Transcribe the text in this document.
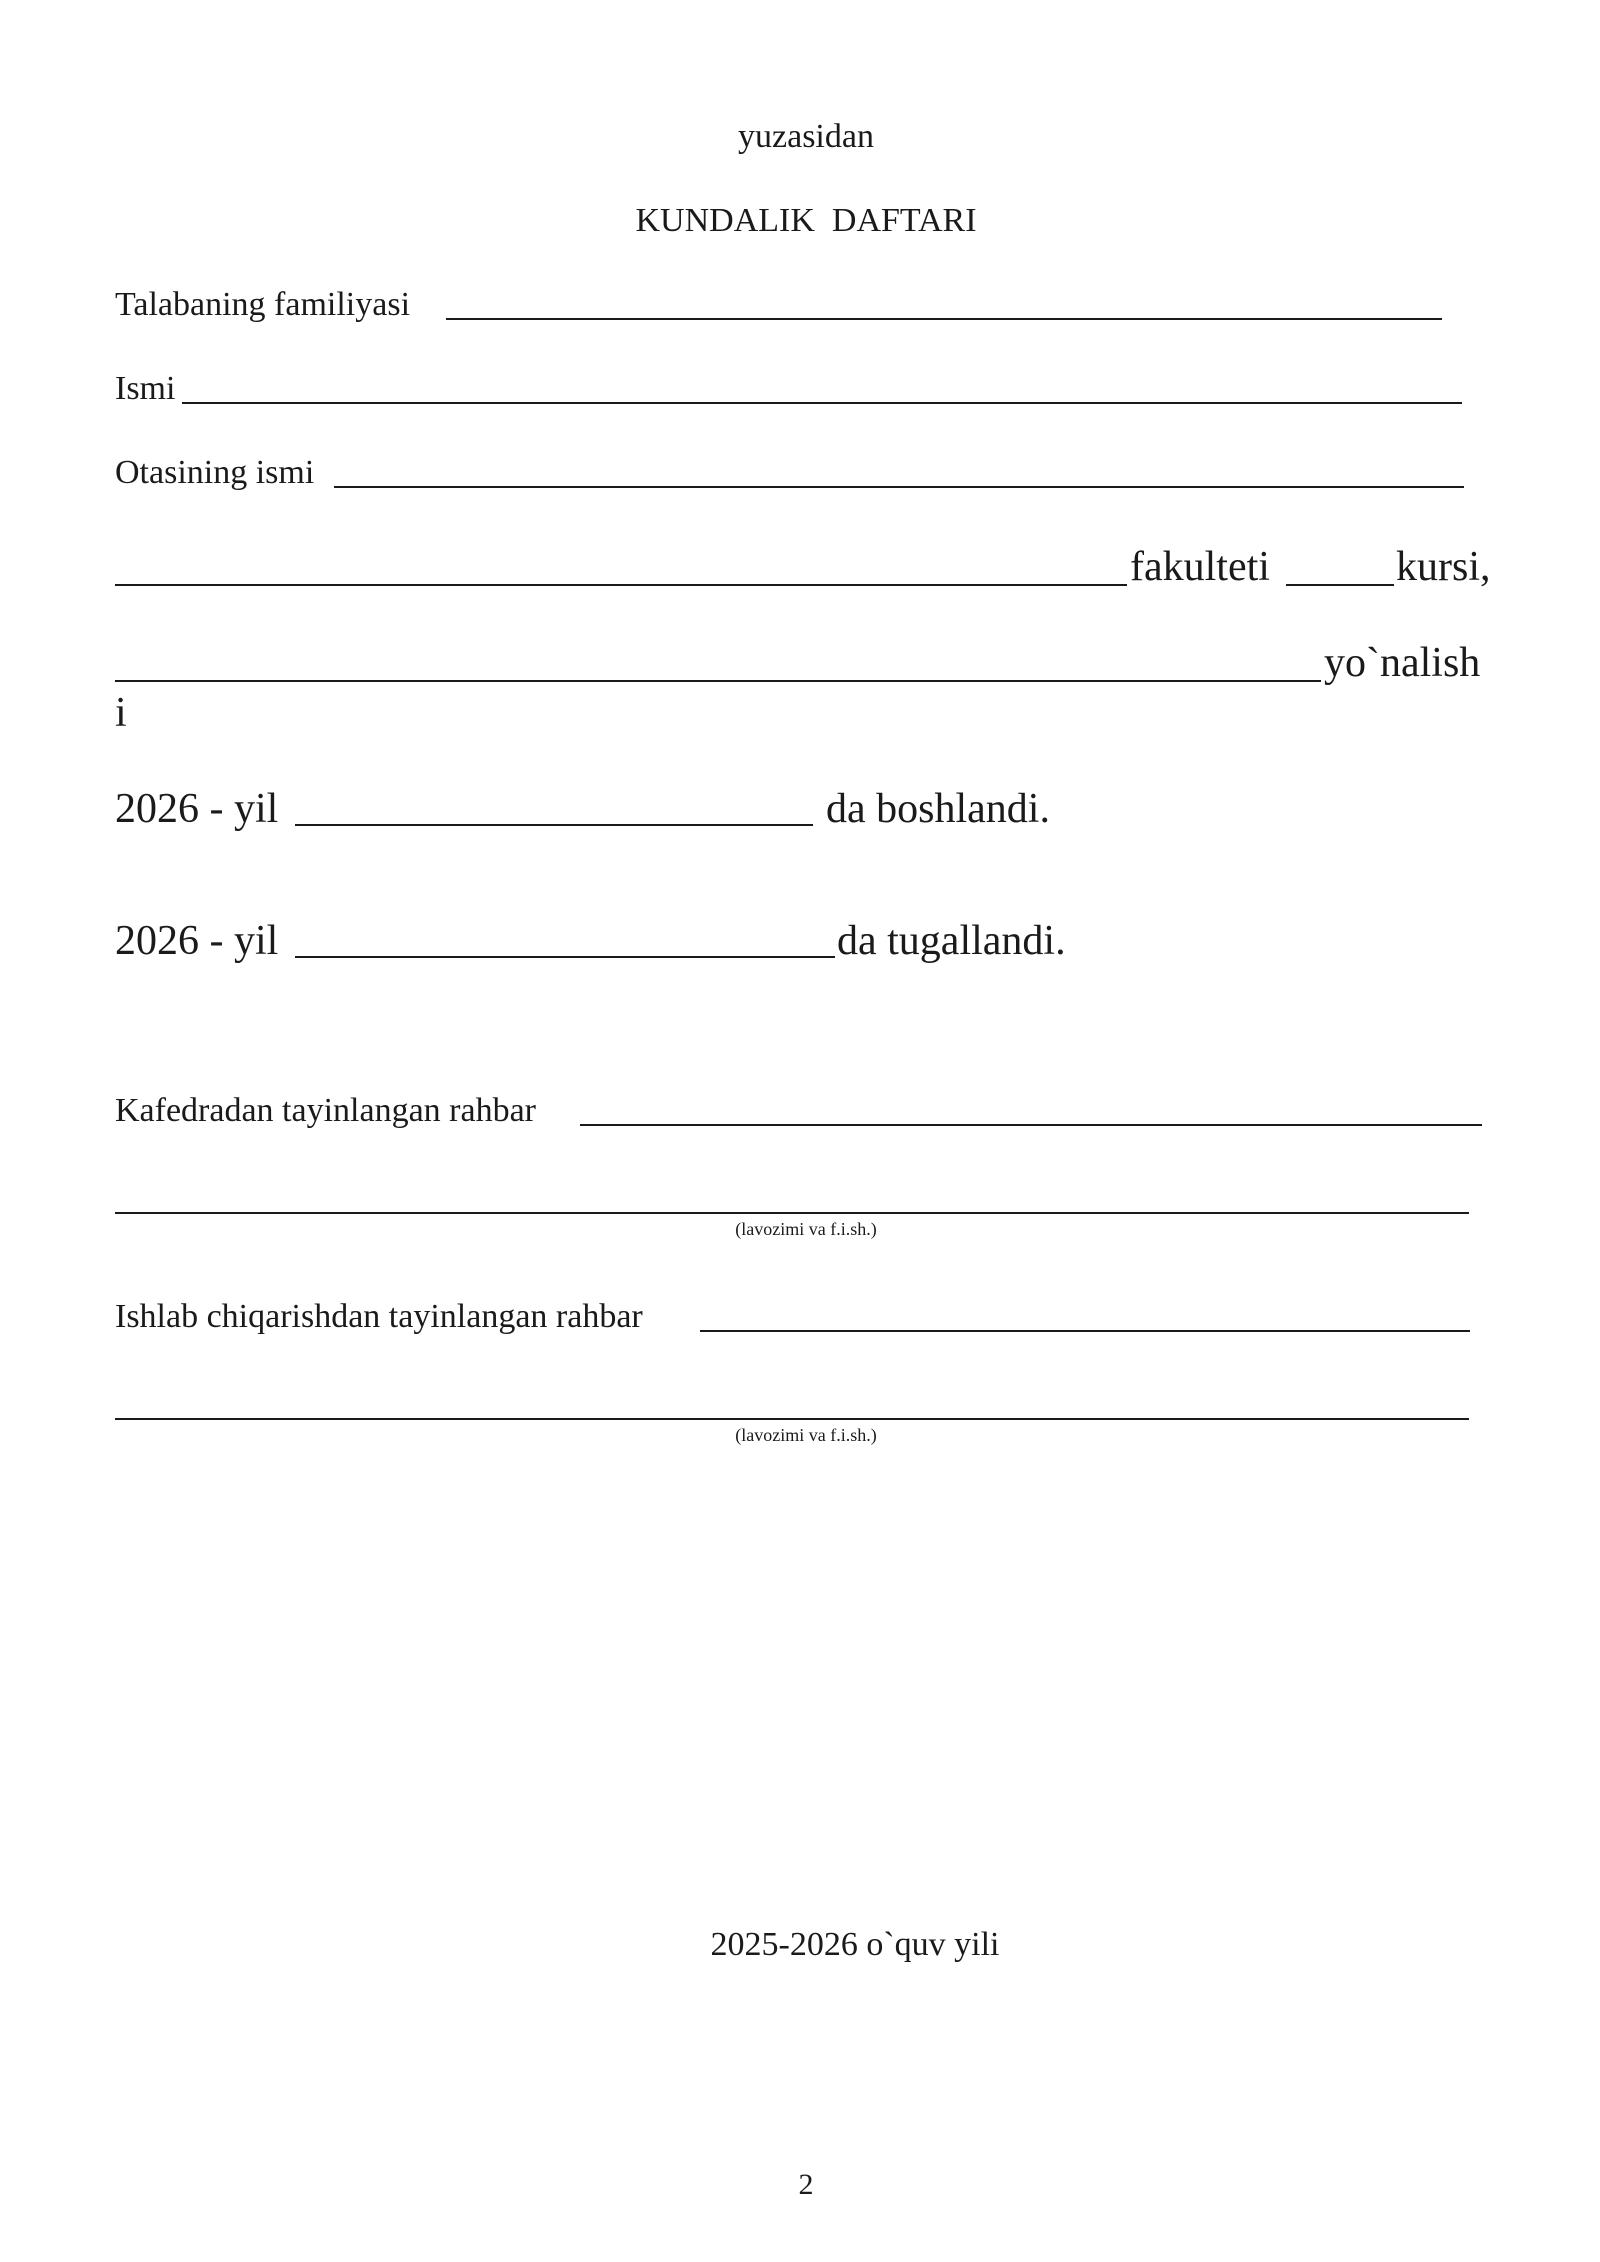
yuzasidan
KUNDALIK  DAFTARI
Talabaning familiyasi
Ismi
Otasining ismi
fakulteti	kursi,
yo`nalish
i
2026 - yil	da boshlandi.
2026 - yil	da tugallandi.
Kafedradan tayinlangan rahbar
(lavozimi va f.i.sh.)
Ishlab chiqarishdan tayinlangan rahbar
(lavozimi va f.i.sh.)
2025-2026 o`quv yili
2
